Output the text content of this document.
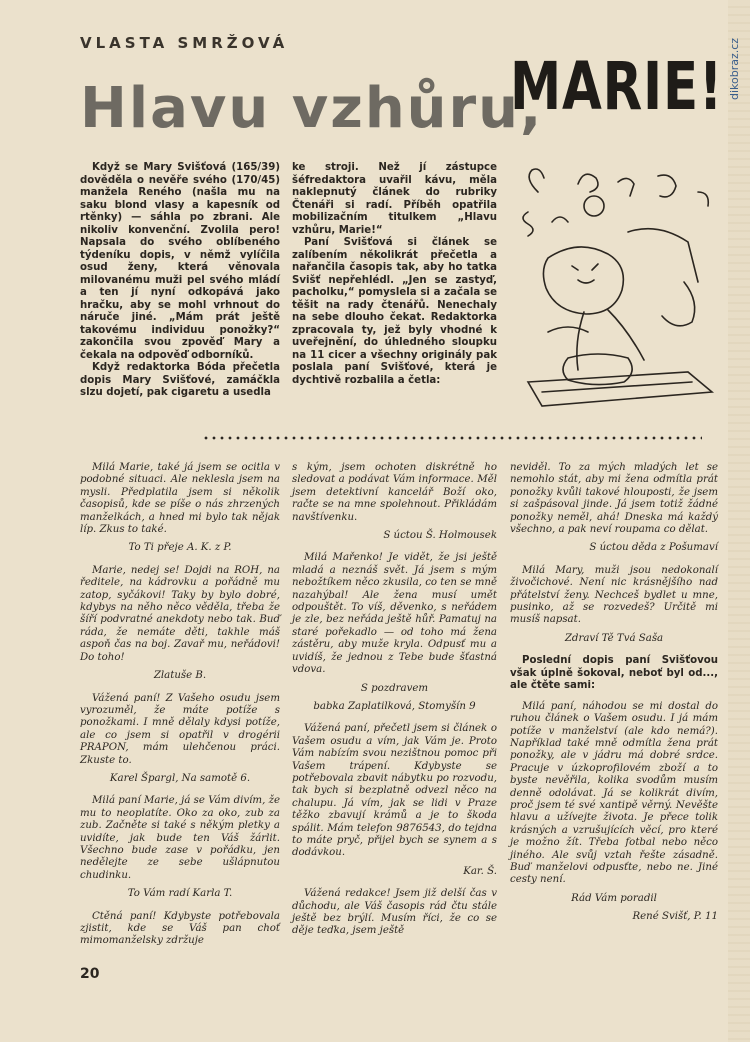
VLASTA SMRŽOVÁ
Hlavu vzhůru,
MARIE! dikobraz.cz

Když se Mary Svišťová (165/39) dověděla o nevěře svého (170/45) manžela Reného (našla mu na saku blond vlasy a kapesník od rtěnky) — sáhla po zbrani. Ale nikoliv konvenční. Zvolila pero! Napsala do svého oblíbeného týdeníku dopis, v němž vylíčila osud ženy, která věnovala milovanému muži pel svého mládí a ten jí nyní odkopává jako hračku, aby se mohl vrhnout do náruče jiné. „Mám prát ještě takovému individuu ponožky?“ zakončila svou zpověď Mary a čekala na odpověď odborníků.

Když redaktorka Bóda přečetla dopis Mary Svišťové, zamáčkla slzu dojetí, pak cigaretu a usedla

ke stroji. Než jí zástupce šéfredaktora uvařil kávu, měla naklepnutý článek do rubriky Čtenáři si radí. Příběh opatřila mobilizačním titulkem „Hlavu vzhůru, Marie!“

Paní Svišťová si článek se zalíbením několikrát přečetla a nařančila časopis tak, aby ho tatka Svišť nepřehlédl. „Jen se zastyď, pacholku,“ pomyslela si a začala se těšit na rady čtenářů. Nenechaly na sebe dlouho čekat. Redaktorka zpracovala ty, jež byly vhodné k uveřejnění, do úhledného sloupku na 11 cicer a všechny originály pak poslala paní Svišťové, která je dychtivě rozbalila a četla:

Milá Marie, také já jsem se ocitla v podobné situaci. Ale neklesla jsem na mysli. Předplatila jsem si několik časopisů, kde se píše o nás zhrzených manželkách, a hned mi bylo tak nějak líp. Zkus to také.

To Ti přeje A. K. z P.

Marie, nedej se! Dojdi na ROH, na ředitele, na kádrovku a pořádně mu zatop, syčákovi! Taky by bylo dobré, kdybys na něho něco věděla, třeba že šíří podvratné anekdoty nebo tak. Buď ráda, že nemáte děti, takhle máš aspoň čas na boj. Zavař mu, neřádovi! Do toho!

Zlatuše B.

Vážená paní! Z Vašeho osudu jsem vyrozuměl, že máte potíže s ponožkami. I mně dělaly kdysi potíže, ale co jsem si opatřil v drogérii PRAPON, mám ulehčenou práci. Zkuste to.

Karel Špargl, Na samotě 6.

Milá paní Marie, já se Vám divím, že mu to neoplatíte. Oko za oko, zub za zub. Začněte si také s někým pletky a uvidíte, jak bude ten Váš žárlit. Všechno bude zase v pořádku, jen nedělejte ze sebe ušlápnutou chudinku.

To Vám radí Karla T.

Ctěná paní! Kdybyste potřebovala zjistit, kde se Váš pan choť mimomanželsky zdržuje

s kým, jsem ochoten diskrétně ho sledovat a podávat Vám informace. Měl jsem detektivní kancelář Boží oko, račte se na mne spolehnout. Přikládám navštívenku.

S úctou Š. Holmousek

Milá Mařenko! Je vidět, že jsi ještě mladá a neznáš svět. Já jsem s mým nebožtíkem něco zkusila, co ten se mně nazahýbal! Ale žena musí umět odpouštět. To víš, děvenko, s neřádem je zle, bez neřáda ještě hůř. Pamatuj na staré pořekadlo — od toho má žena zástěru, aby muže kryla. Odpusť mu a uvidíš, že jednou z Tebe bude šťastná vdova.

S pozdravem

babka Zaplatilková, Stomyšín 9

Vážená paní, přečetl jsem si článek o Vašem osudu a vím, jak Vám je. Proto Vám nabízím svou nezištnou pomoc při Vašem trápení. Kdybyste se potřebovala zbavit nábytku po rozvodu, tak bych si bezplatně odvezl něco na chalupu. Já vím, jak se lidi v Praze těžko zbavují krámů a je to škoda spálit. Mám telefon 9876543, do tejdna to máte pryč, přijel bych se synem a s dodávkou.

Kar. Š.

Vážená redakce! Jsem již delší čas v důchodu, ale Váš časopis rád čtu stále ještě bez brýlí. Musím říci, že co se děje teďka, jsem ještě

neviděl. To za mých mladých let se nemohlo stát, aby mi žena odmítla prát ponožky kvůli takové hlouposti, že jsem si zašpásoval jinde. Já jsem totiž žádné ponožky neměl, ahá! Dneska má každý všechno, a pak neví roupama co dělat.

S úctou děda z Pošumaví

Milá Mary, muži jsou nedokonalí živočichové. Není nic krásnějšího nad přátelství ženy. Nechceš bydlet u mne, pusinko, až se rozvedeš? Určitě mi musíš napsat.

Zdraví Tě Tvá Saša

Poslední dopis paní Svišťovou však úplně šokoval, neboť byl od..., ale čtěte sami:

Milá paní, náhodou se mi dostal do ruhou článek o Vašem osudu. I já mám potíže v manželství (ale kdo nemá?). Například také mně odmítla žena prát ponožky, ale v jádru má dobré srdce. Pracuje v úzkoprofilovém zboží a to byste nevěřila, kolika svodům musím denně odolávat. Já se kolikrát divím, proč jsem té své xantipě věrný. Nevěšte hlavu a užívejte života. Je přece tolik krásných a vzrušujících věcí, pro které je možno žít. Třeba fotbal nebo něco jiného. Ale svůj vztah řešte zásadně. Buď manželovi odpusťte, nebo ne. Jiné cesty není.

Rád Vám poradil

René Svišť, P. 11

20
